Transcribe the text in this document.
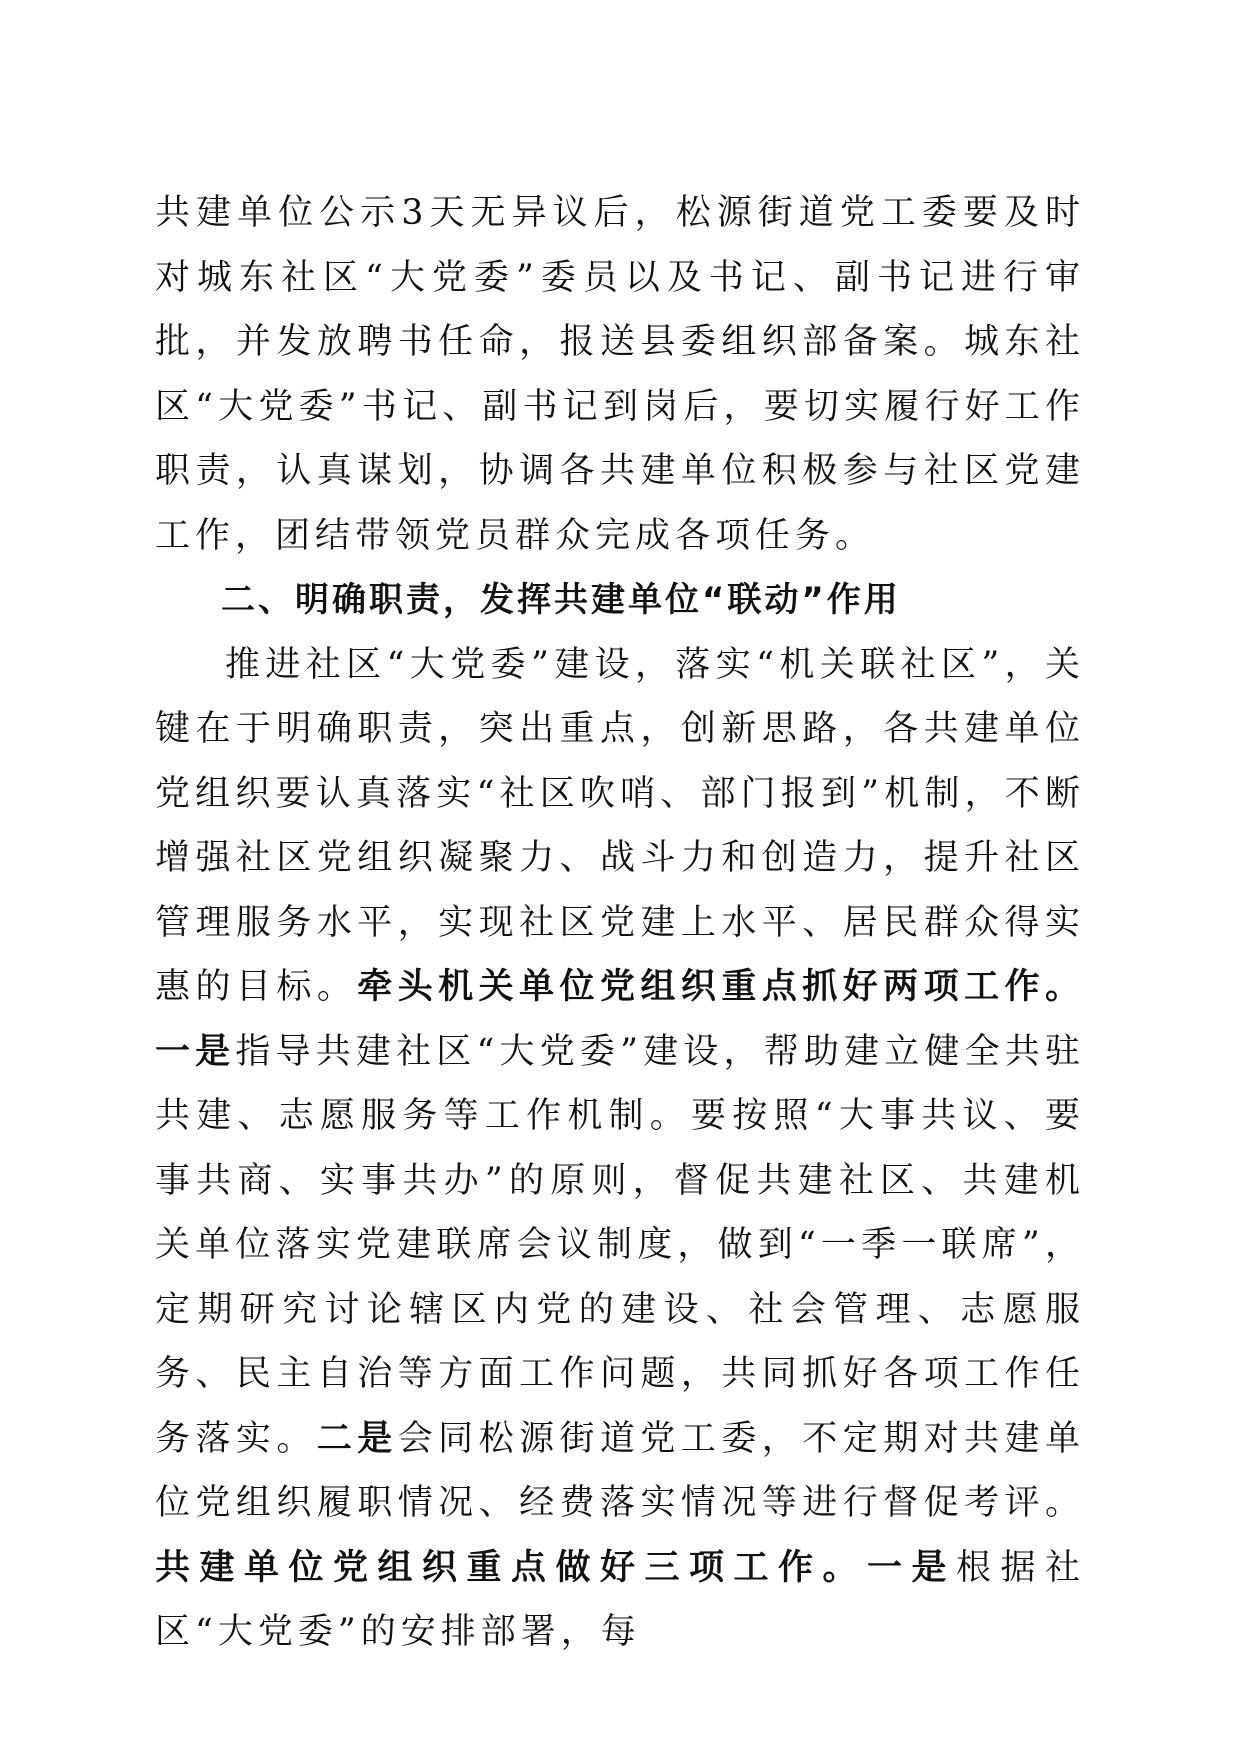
共建单位公示3天无异议后，松源街道党工委要及时对城东社区“大党委”委员以及书记、副书记进行审批，并发放聘书任命，报送县委组织部备案。城东社区“大党委”书记、副书记到岗后，要切实履行好工作职责，认真谋划，协调各共建单位积极参与社区党建工作，团结带领党员群众完成各项任务。

二、明确职责，发挥共建单位“联动”作用

推进社区“大党委”建设，落实“机关联社区”，关键在于明确职责，突出重点，创新思路，各共建单位党组织要认真落实“社区吹哨、部门报到”机制，不断增强社区党组织凝聚力、战斗力和创造力，提升社区管理服务水平，实现社区党建上水平、居民群众得实惠的目标。牵头机关单位党组织重点抓好两项工作。一是指导共建社区“大党委”建设，帮助建立健全共驻共建、志愿服务等工作机制。要按照“大事共议、要事共商、实事共办”的原则，督促共建社区、共建机关单位落实党建联席会议制度，做到“一季一联席”，定期研究讨论辖区内党的建设、社会管理、志愿服务、民主自治等方面工作问题，共同抓好各项工作任务落实。二是会同松源街道党工委，不定期对共建单位党组织履职情况、经费落实情况等进行督促考评。共建单位党组织重点做好三项工作。一是根据社区“大党委”的安排部署，每
